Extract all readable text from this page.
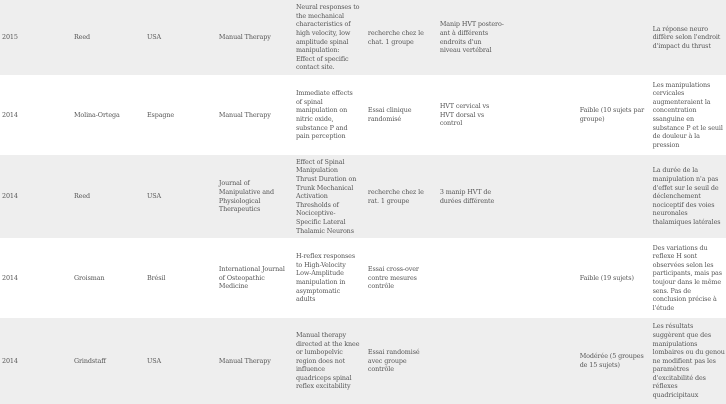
2015	Reed	USA	Manual Therapy	Neural responses to the mechanical characteristics of high velocity, low amplitude spinal manipulation: Effect of specific contact site.	recherche chez le chat. 1 groupe	Manip HVT postero-ant à différents endroits d'un niveau vertébral			La réponse neuro diffère selon l'endroit d'impact du thrust
2014	Molina-Ortega	Espagne	Manual Therapy	Immediate effects of spinal manipulation on nitric oxide, substance P and pain perception	Essai clinique randomisé	HVT cervical vs HVT dorsal vs control		Faible (10 sujets par groupe)	Les manipulations cervicales augmenteraient la concentration ssanguine en substance P et le seuil de douleur à la pression
2014	Reed	USA	Journal of Manipulative and Physiological Therapeutics	Effect of Spinal Manipulation Thrust Duration on Trunk Mechanical Activation Thresholds of Nociceptive-Specific Lateral Thalamic Neurons	recherche chez le rat. 1 groupe	3 manip HVT de durées différente			La durée de la manipulation n'a pas d'effet sur le seuil de déclenchement nociceptif des voies neuronales thalamiques latérales
2014	Groisman	Brésil	International Journal of Osteopathic Medicine	H-reflex responses to High-Velocity Low-Amplitude manipulation in asymptomatic adults	Essai cross-over contre mesures contrôle			Faible (19 sujets)	Des variations du reflexe H sont observées selon les participants, mais pas toujour dans le même sens. Pas de conclusion précise à l'étude
2014	Grindstaff	USA	Manual Therapy	Manual therapy directed at the knee or lumbopelvic region does not influence quadriceps spinal reflex excitability	Essai randomisé avec groupe contrôle			Modérée (5 groupes de 15 sujets)	Les résultats suggèrent que des manipulations lombaires ou du genou ne modifient pas les paramètres d'excitabilité des réflexes quadricipitaux
